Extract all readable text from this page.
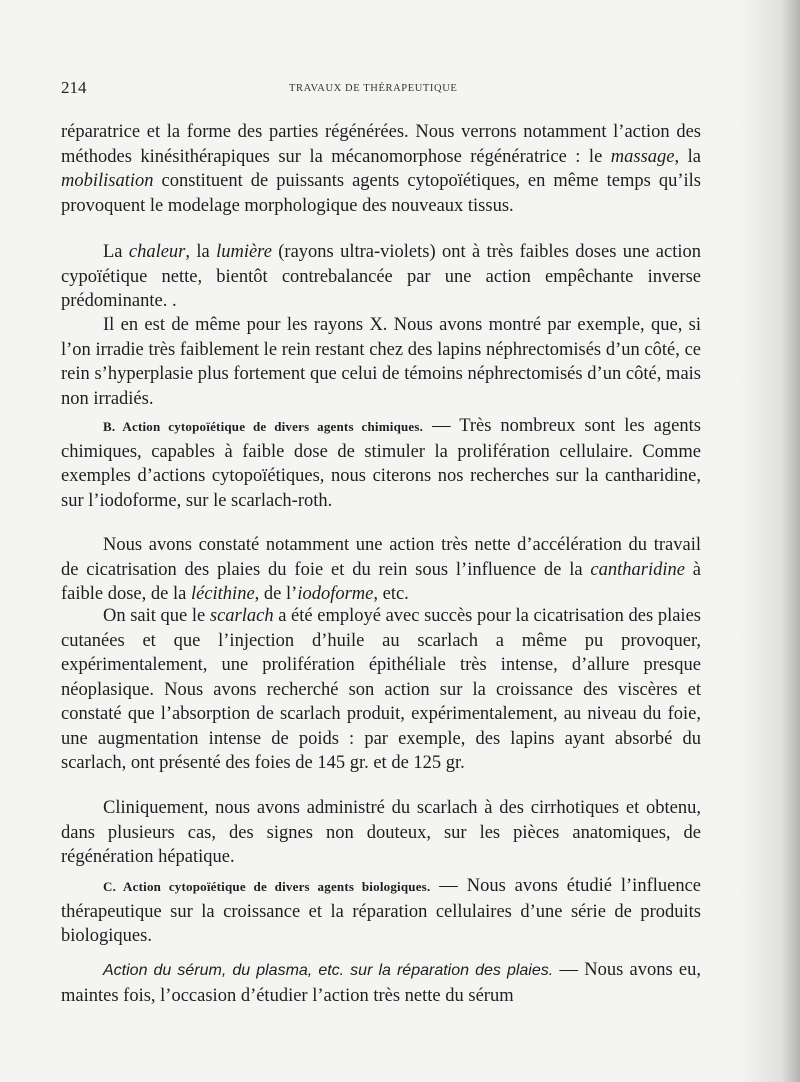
214	TRAVAUX DE THÉRAPEUTIQUE

réparatrice et la forme des parties régénérées. Nous verrons notamment l’action des méthodes kinésithérapiques sur la mécanomorphose régénératrice : le massage, la mobilisation constituent de puissants agents cytopoïétiques, en même temps qu’ils provoquent le modelage morphologique des nouveaux tissus.

La chaleur, la lumière (rayons ultra-violets) ont à très faibles doses une action cypoïétique nette, bientôt contrebalancée par une action empêchante inverse prédominante. .

Il en est de même pour les rayons X. Nous avons montré par exemple, que, si l’on irradie très faiblement le rein restant chez des lapins néphrectomisés d’un côté, ce rein s’hyperplasie plus fortement que celui de témoins néphrectomisés d’un côté, mais non irradiés.

B. Action cytopoïétique de divers agents chimiques. — Très nombreux sont les agents chimiques, capables à faible dose de stimuler la prolifération cellulaire. Comme exemples d’actions cytopoïétiques, nous citerons nos recherches sur la cantharidine, sur l’iodoforme, sur le scarlach-roth.

Nous avons constaté notamment une action très nette d’accélération du travail de cicatrisation des plaies du foie et du rein sous l’influence de la cantharidine à faible dose, de la lécithine, de l’iodoforme, etc.

On sait que le scarlach a été employé avec succès pour la cicatrisation des plaies cutanées et que l’injection d’huile au scarlach a même pu provoquer, expérimentalement, une prolifération épithéliale très intense, d’allure presque néoplasique. Nous avons recherché son action sur la croissance des viscères et constaté que l’absorption de scarlach produit, expérimentalement, au niveau du foie, une augmentation intense de poids : par exemple, des lapins ayant absorbé du scarlach, ont présenté des foies de 145 gr. et de 125 gr.

Cliniquement, nous avons administré du scarlach à des cirrhotiques et obtenu, dans plusieurs cas, des signes non douteux, sur les pièces anatomiques, de régénération hépatique.

C. Action cytopoïétique de divers agents biologiques. — Nous avons étudié l’influence thérapeutique sur la croissance et la réparation cellulaires d’une série de produits biologiques.

Action du sérum, du plasma, etc. sur la réparation des plaies. — Nous avons eu, maintes fois, l’occasion d’étudier l’action très nette du sérum
